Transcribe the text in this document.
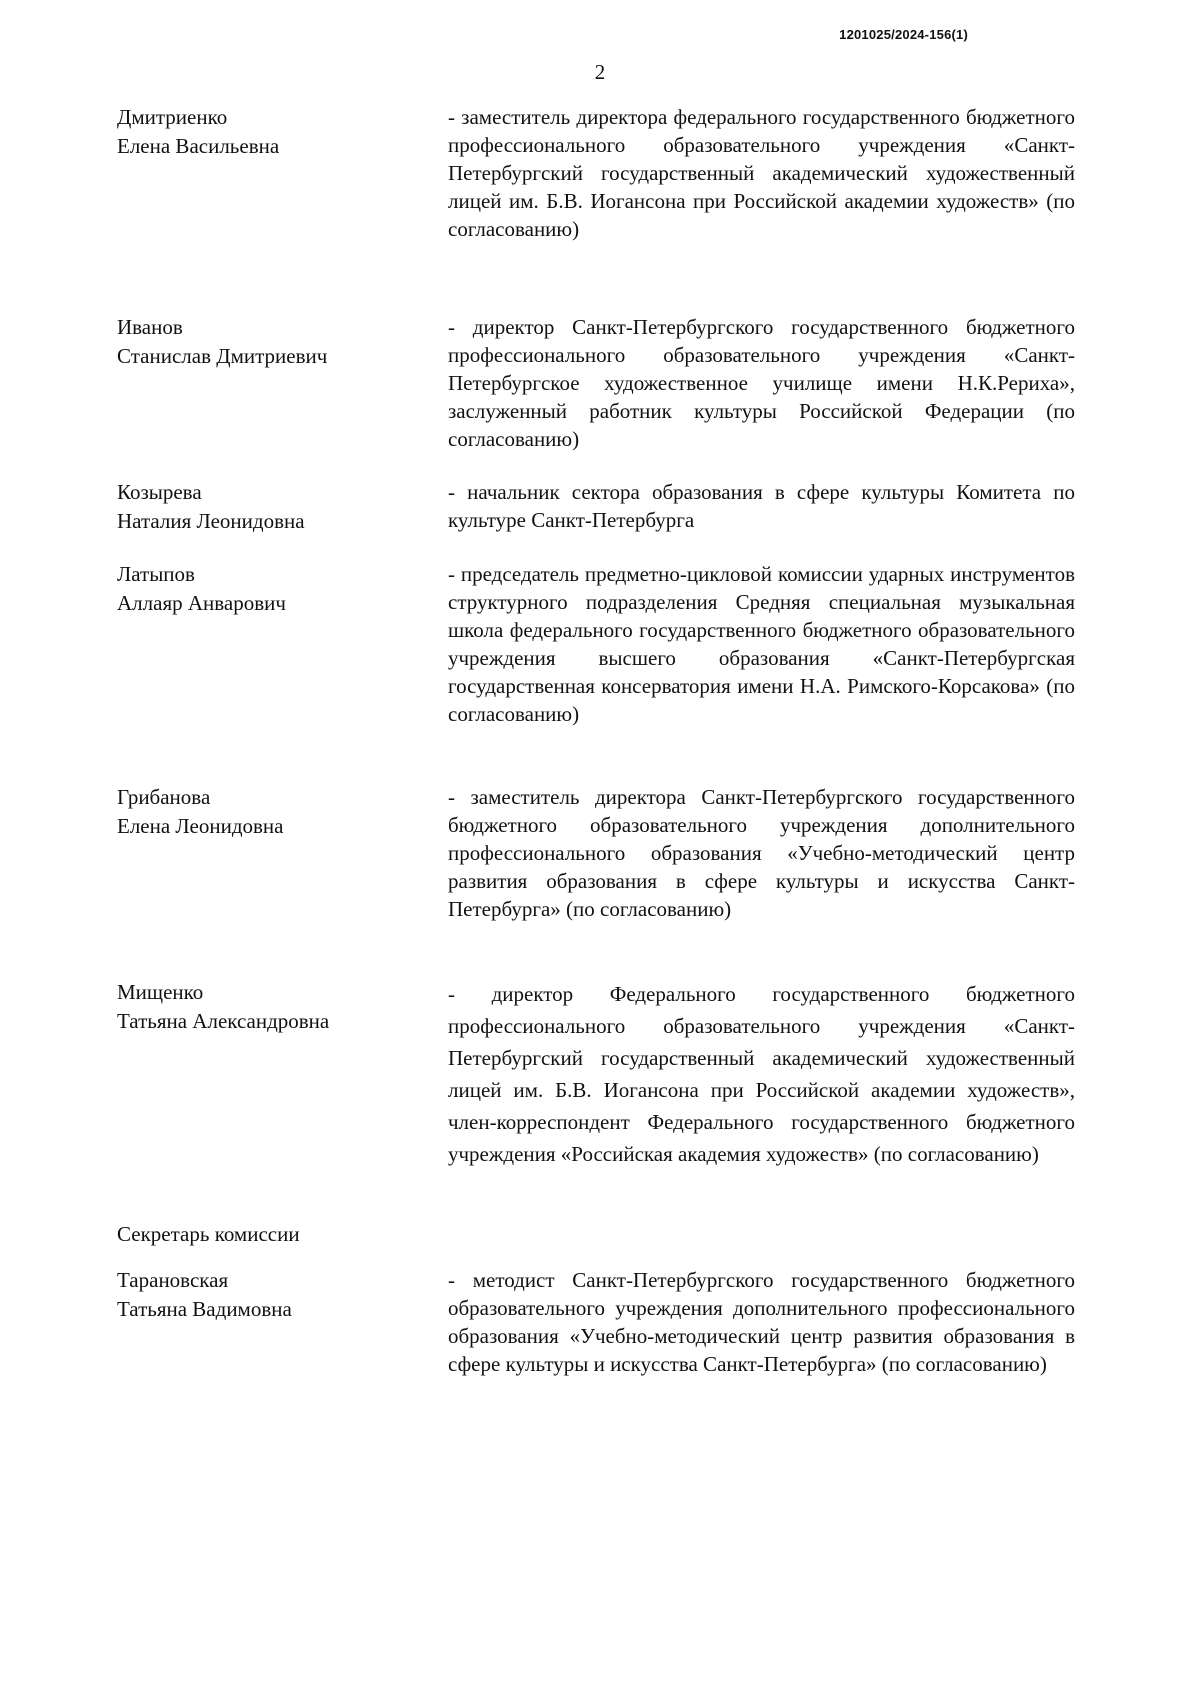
1201025/2024-156(1)
2
Дмитриенко
Елена Васильевна
- заместитель директора федерального государственного бюджетного профессионального образовательного учреждения «Санкт-Петербургский государственный академический художественный лицей им. Б.В. Иогансона при Российской академии художеств» (по согласованию)
Иванов
Станислав Дмитриевич
- директор Санкт-Петербургского государственного бюджетного профессионального образовательного учреждения «Санкт-Петербургское художественное училище имени Н.К.Рериха», заслуженный работник культуры Российской Федерации (по согласованию)
Козырева
Наталия Леонидовна
- начальник сектора образования в сфере культуры Комитета по культуре Санкт-Петербурга
Латыпов
Аллаяр Анварович
- председатель предметно-цикловой комиссии ударных инструментов структурного подразделения Средняя специальная музыкальная школа федерального государственного бюджетного образовательного учреждения высшего образования «Санкт-Петербургская государственная консерватория имени Н.А. Римского-Корсакова» (по согласованию)
Грибанова
Елена Леонидовна
- заместитель директора Санкт-Петербургского государственного бюджетного образовательного учреждения дополнительного профессионального образования «Учебно-методический центр развития образования в сфере культуры и искусства Санкт-Петербурга» (по согласованию)
Мищенко
Татьяна Александровна
- директор Федерального государственного бюджетного профессионального образовательного учреждения «Санкт-Петербургский государственный академический художественный лицей им. Б.В. Иогансона при Российской академии художеств», член-корреспондент Федерального государственного бюджетного учреждения «Российская академия художеств» (по согласованию)
Секретарь комиссии
Тарановская
Татьяна Вадимовна
- методист Санкт-Петербургского государственного бюджетного образовательного учреждения дополнительного профессионального образования «Учебно-методический центр развития образования в сфере культуры и искусства Санкт-Петербурга» (по согласованию)
